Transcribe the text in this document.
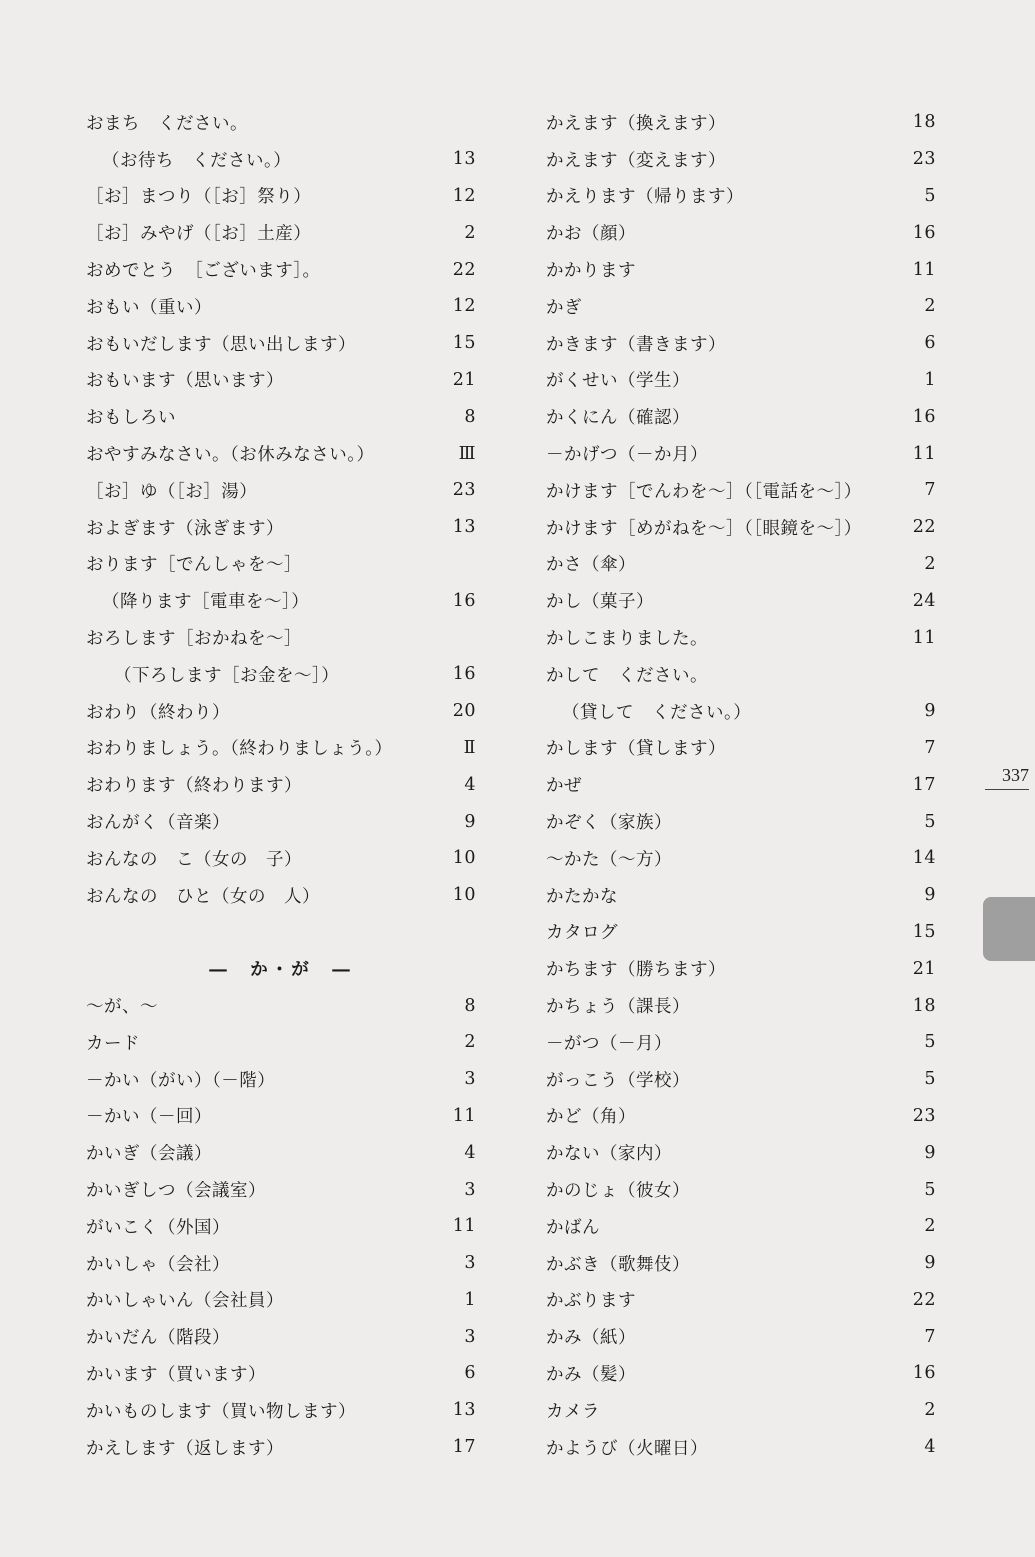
おまち　ください。
（お待ち　ください。）	13
［お］まつり（［お］祭り）	12
［お］みやげ（［お］土産）	2
おめでとう　［ございます］。	22
おもい（重い）	12
おもいだします（思い出します）	15
おもいます（思います）	21
おもしろい	8
おやすみなさい。（お休みなさい。）	Ⅲ
［お］ゆ（［お］湯）	23
およぎます（泳ぎます）	13
おります［でんしゃを～］
（降ります［電車を～］）	16
おろします［おかねを～］
（下ろします［お金を～］）	16
おわり（終わり）	20
おわりましょう。（終わりましょう。）	Ⅱ
おわります（終わります）	4
おんがく（音楽）	9
おんなの　こ（女の　子）	10
おんなの　ひと（女の　人）	10
―　か・が　―
～が、～	8
カード	2
－かい（がい）（－階）	3
－かい（－回）	11
かいぎ（会議）	4
かいぎしつ（会議室）	3
がいこく（外国）	11
かいしゃ（会社）	3
かいしゃいん（会社員）	1
かいだん（階段）	3
かいます（買います）	6
かいものします（買い物します）	13
かえします（返します）	17
かえます（換えます）	18
かえます（変えます）	23
かえります（帰ります）	5
かお（顔）	16
かかります	11
かぎ	2
かきます（書きます）	6
がくせい（学生）	1
かくにん（確認）	16
－かげつ（－か月）	11
かけます［でんわを～］（［電話を～］）	7
かけます［めがねを～］（［眼鏡を～］）	22
かさ（傘）	2
かし（菓子）	24
かしこまりました。	11
かして　ください。
（貸して　ください。）	9
かします（貸します）	7
かぜ	17
かぞく（家族）	5
～かた（～方）	14
かたかな	9
カタログ	15
かちます（勝ちます）	21
かちょう（課長）	18
－がつ（－月）	5
がっこう（学校）	5
かど（角）	23
かない（家内）	9
かのじょ（彼女）	5
かばん	2
かぶき（歌舞伎）	9
かぶります	22
かみ（紙）	7
かみ（髪）	16
カメラ	2
かようび（火曜日）	4
337
